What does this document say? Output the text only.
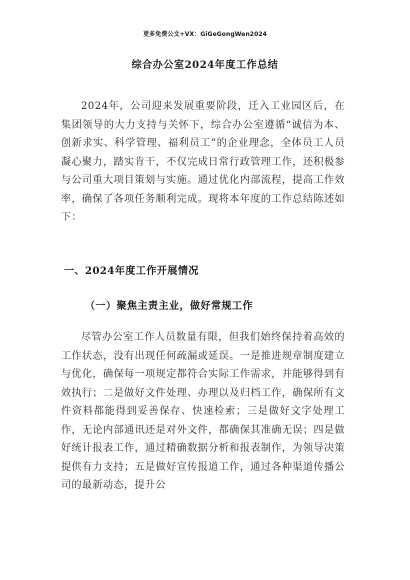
更多免费公文+VX：GiGeGongWen2024
综合办公室2024年度工作总结

2024年，公司迎来发展重要阶段，迁入工业园区后，在集团领导的大力支持与关怀下，综合办公室遵循“诚信为本、创新求实、科学管理、福利员工”的企业理念，全体员工人员凝心聚力，踏实肯干，不仅完成日常行政管理工作，还积极参与公司重大项目策划与实施。通过优化内部流程，提高工作效率，确保了各项任务顺利完成。现将本年度的工作总结陈述如下：

一、2024年度工作开展情况
（一）聚焦主责主业，做好常规工作

尽管办公室工作人员数量有限，但我们始终保持着高效的工作状态，没有出现任何疏漏或延误。一是推进规章制度建立与优化，确保每一项规定都符合实际工作需求，并能够得到有效执行；二是做好文件处理、办理以及归档工作，确保所有文件资料都能得到妥善保存、快速检索；三是做好文字处理工作，无论内部通讯还是对外文件，都确保其准确无误；四是做好统计报表工作，通过精确数据分析和报表制作，为领导决策提供有力支持；五是做好宣传报道工作，通过各种渠道传播公司的最新动态，提升公
